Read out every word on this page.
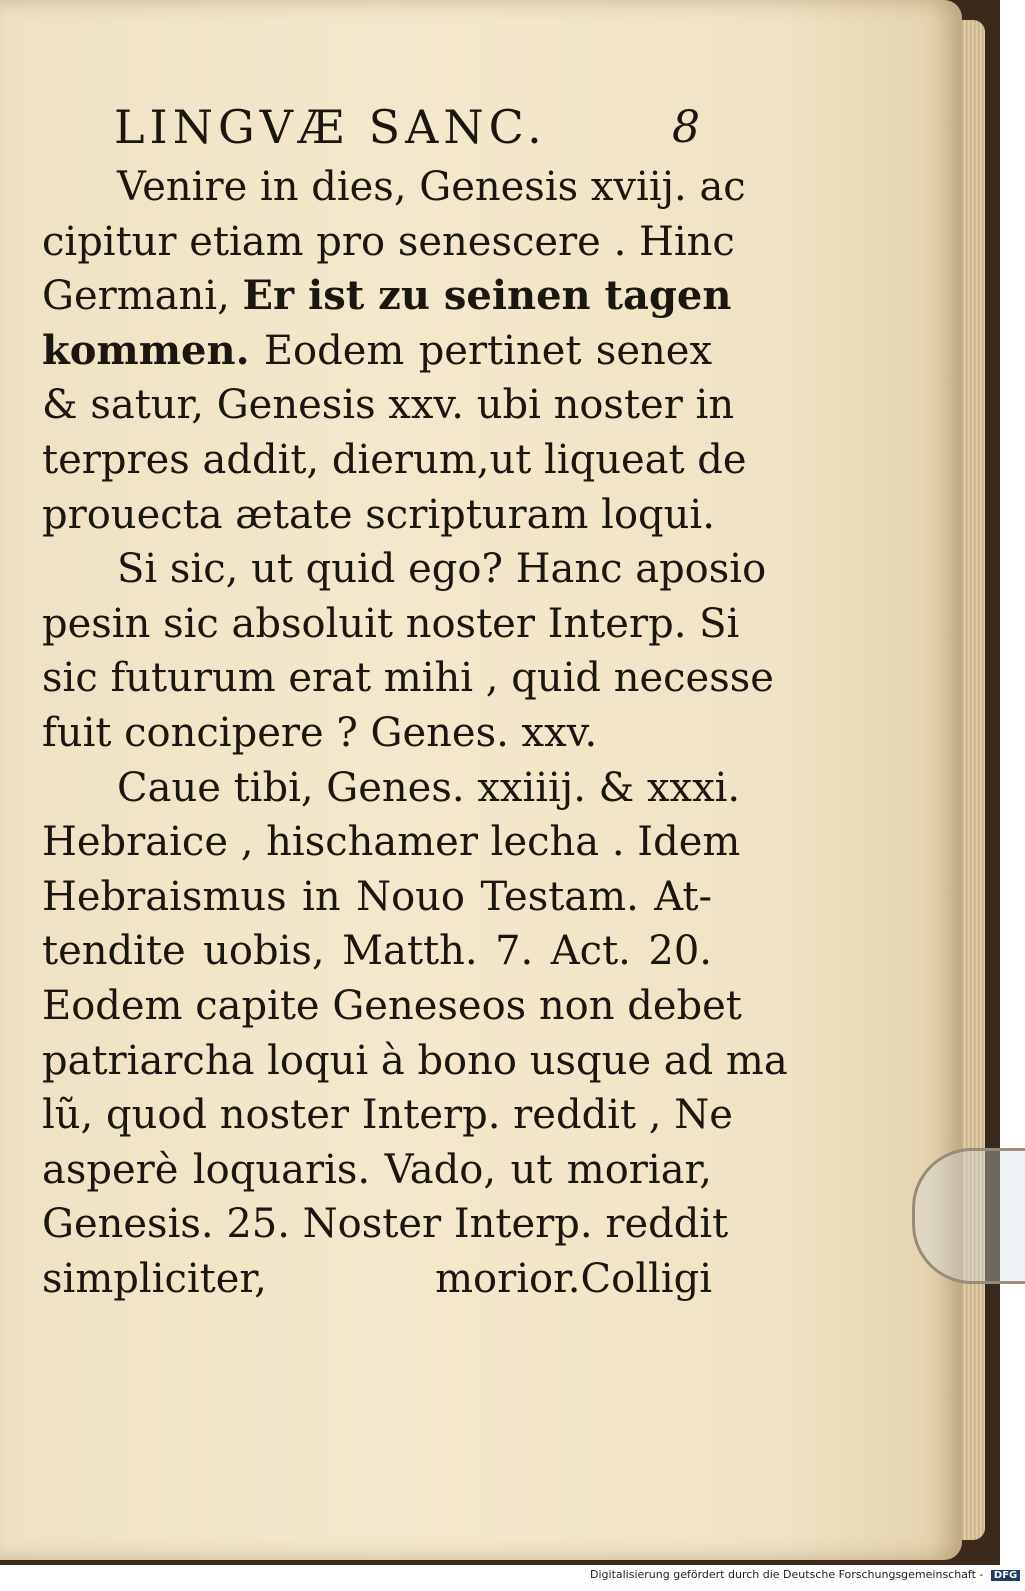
LINGVÆ SANC.	8
Venire in dies, Genesis xviij. ac
cipitur etiam pro senescere . Hinc
Germani, Er ist zu seinen tagen
kommen. Eodem pertinet senex
& satur, Genesis xxv. ubi noster in
terpres addit, dierum,ut liqueat de
prouecta ætate scripturam loqui.
Si sic, ut quid ego? Hanc aposio
pesin sic absoluit noster Interp. Si
sic futurum erat mihi , quid necesse
fuit concipere ? Genes. xxv.
Caue tibi, Genes. xxiiij. & xxxi.
Hebraice , hischamer lecha . Idem
Hebraismus in Nouo Testam. At-
tendite uobis, Matth. 7. Act. 20.
Eodem capite Geneseos non debet
patriarcha loqui à bono usque ad ma
lũ, quod noster Interp. reddit , Ne
asperè loquaris. Vado, ut moriar,
Genesis. 25. Noster Interp. reddit
simpliciter, morior. Colligi
Digitalisierung gefördert durch die Deutsche Forschungsgemeinschaft - DFG
